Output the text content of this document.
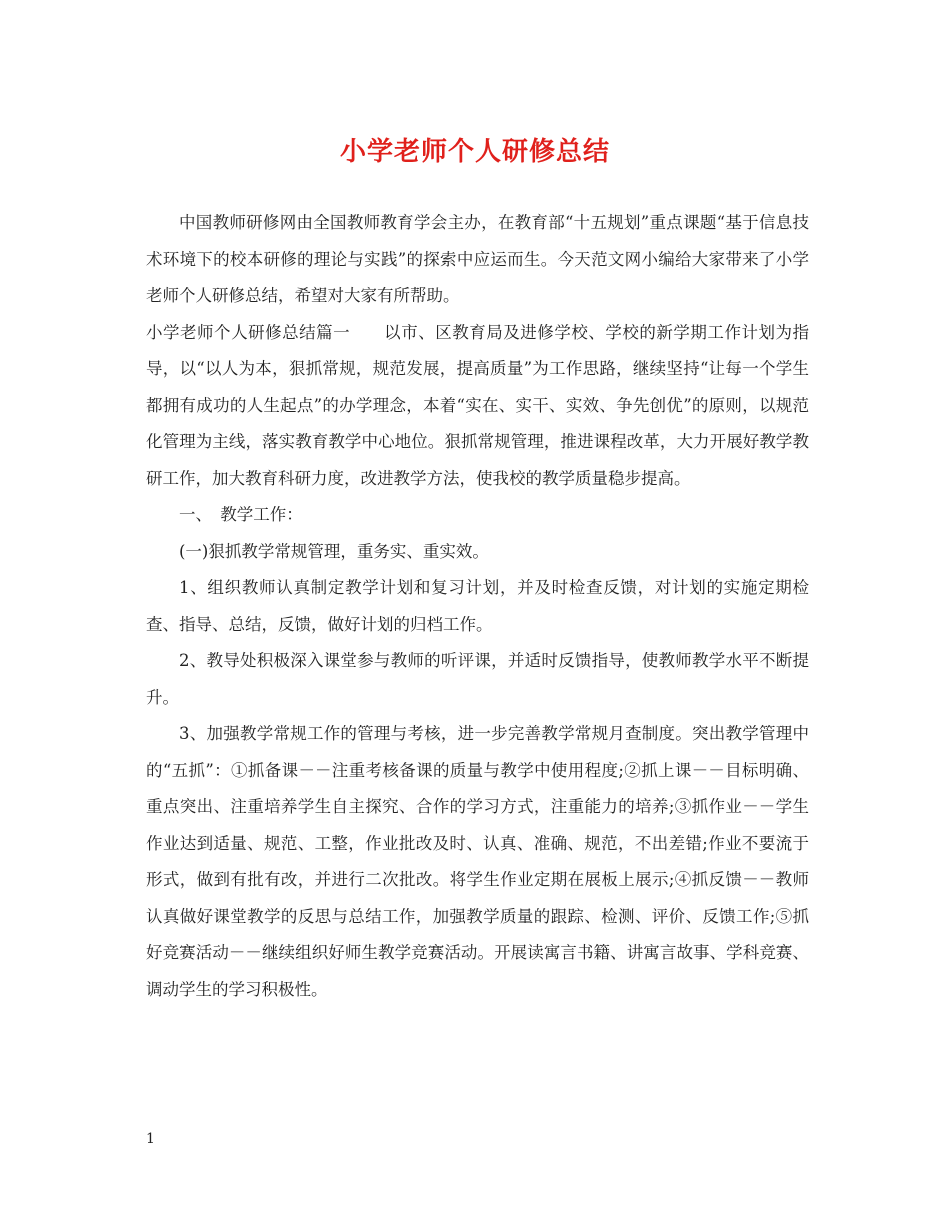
小学老师个人研修总结

中国教师研修网由全国教师教育学会主办，在教育部“十五规划”重点课题“基于信息技术环境下的校本研修的理论与实践”的探索中应运而生。今天范文网小编给大家带来了小学老师个人研修总结，希望对大家有所帮助。

小学老师个人研修总结篇一　　以市、区教育局及进修学校、学校的新学期工作计划为指导，以“以人为本，狠抓常规，规范发展，提高质量”为工作思路，继续坚持“让每一个学生都拥有成功的人生起点”的办学理念，本着“实在、实干、实效、争先创优”的原则，以规范化管理为主线，落实教育教学中心地位。狠抓常规管理，推进课程改革，大力开展好教学教研工作，加大教育科研力度，改进教学方法，使我校的教学质量稳步提高。

一、　教学工作：

(一)狠抓教学常规管理，重务实、重实效。

1、组织教师认真制定教学计划和复习计划，并及时检查反馈，对计划的实施定期检查、指导、总结，反馈，做好计划的归档工作。

2、教导处积极深入课堂参与教师的听评课，并适时反馈指导，使教师教学水平不断提升。

3、加强教学常规工作的管理与考核，进一步完善教学常规月查制度。突出教学管理中的“五抓”：①抓备课－－注重考核备课的质量与教学中使用程度;②抓上课－－目标明确、重点突出、注重培养学生自主探究、合作的学习方式，注重能力的培养;③抓作业－－学生作业达到适量、规范、工整，作业批改及时、认真、准确、规范，不出差错;作业不要流于形式，做到有批有改，并进行二次批改。将学生作业定期在展板上展示;④抓反馈－－教师认真做好课堂教学的反思与总结工作，加强教学质量的跟踪、检测、评价、反馈工作;⑤抓好竞赛活动－－继续组织好师生教学竞赛活动。开展读寓言书籍、讲寓言故事、学科竞赛、调动学生的学习积极性。

1
